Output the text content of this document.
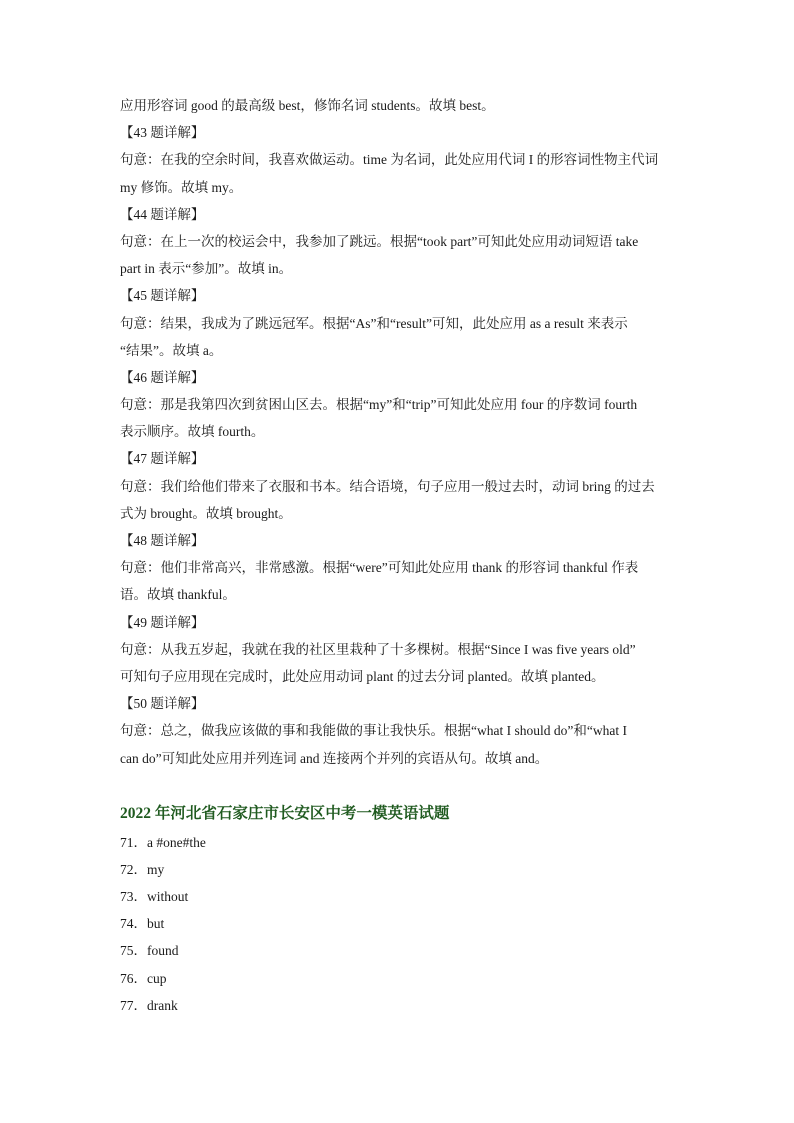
应用形容词 good 的最高级 best，修饰名词 students。故填 best。

【43 题详解】

句意：在我的空余时间，我喜欢做运动。time 为名词，此处应用代词 I 的形容词性物主代词

my 修饰。故填 my。

【44 题详解】

句意：在上一次的校运会中，我参加了跳远。根据“took part”可知此处应用动词短语 take

part in 表示“参加”。故填 in。

【45 题详解】

句意：结果，我成为了跳远冠军。根据“As”和“result”可知，此处应用 as a result 来表示

“结果”。故填 a。

【46 题详解】

句意：那是我第四次到贫困山区去。根据“my”和“trip”可知此处应用 four 的序数词 fourth

表示顺序。故填 fourth。

【47 题详解】

句意：我们给他们带来了衣服和书本。结合语境，句子应用一般过去时，动词 bring 的过去

式为 brought。故填 brought。

【48 题详解】

句意：他们非常高兴，非常感激。根据“were”可知此处应用 thank 的形容词 thankful 作表

语。故填 thankful。

【49 题详解】

句意：从我五岁起，我就在我的社区里栽种了十多棵树。根据“Since I was five years old”

可知句子应用现在完成时，此处应用动词 plant 的过去分词 planted。故填 planted。

【50 题详解】

句意：总之，做我应该做的事和我能做的事让我快乐。根据“what I should do”和“what I

can do”可知此处应用并列连词 and 连接两个并列的宾语从句。故填 and。

2022 年河北省石家庄市长安区中考一模英语试题
71．a #one#the
72．my
73．without
74．but
75．found
76．cup
77．drank
